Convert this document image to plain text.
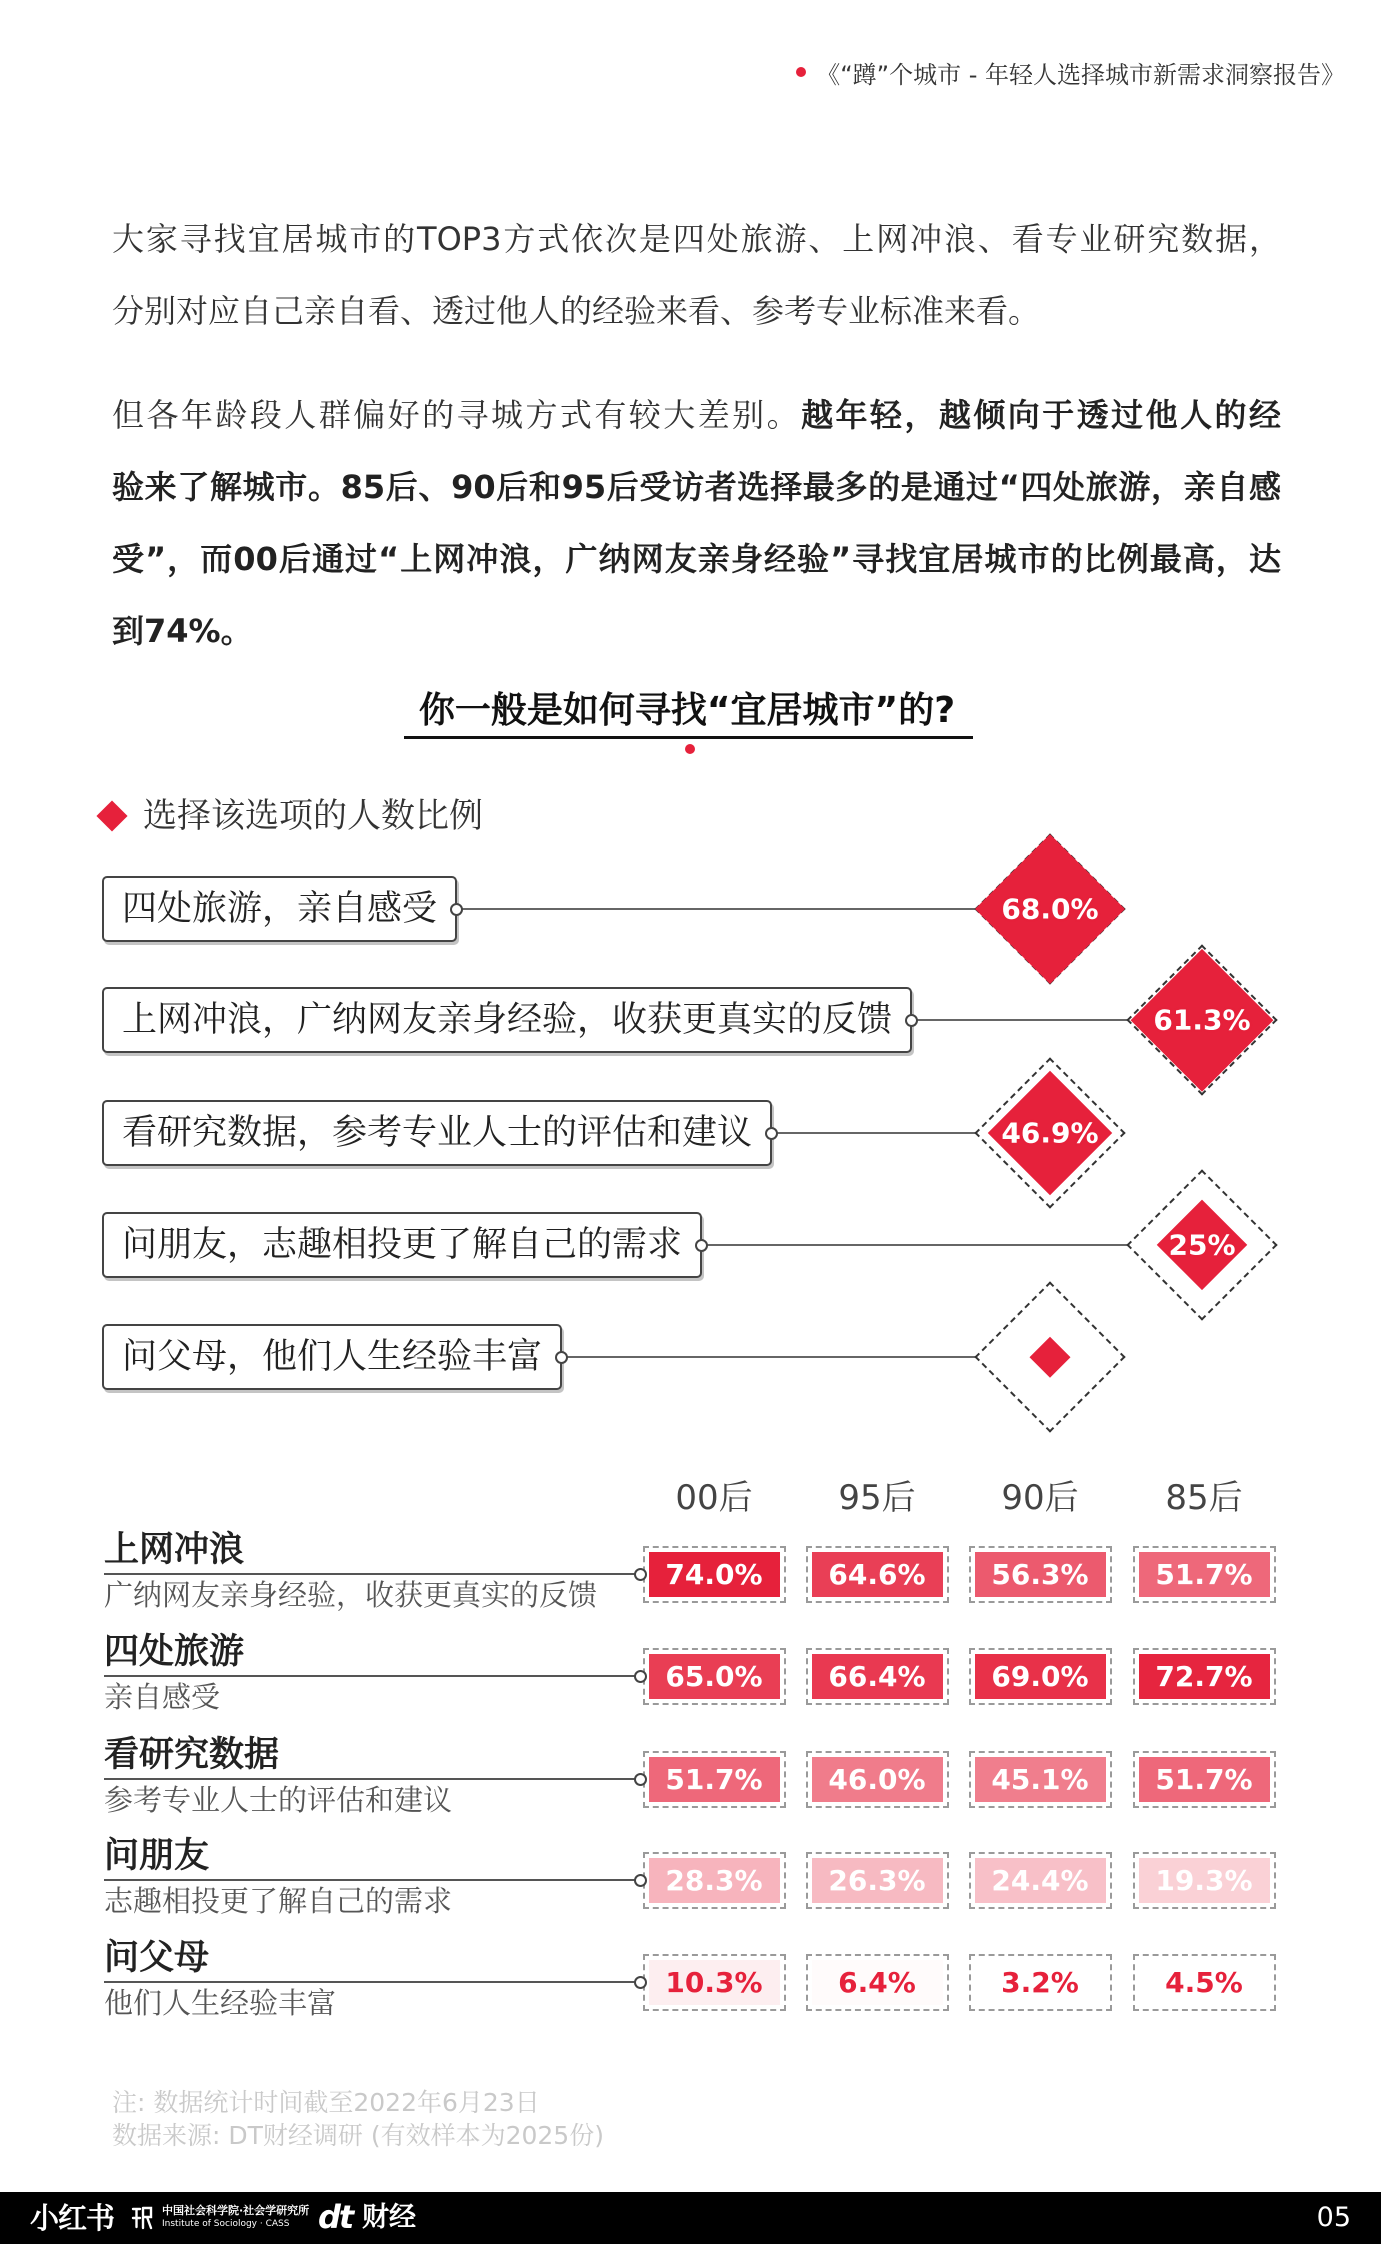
《“蹲”个城市 - 年轻人选择城市新需求洞察报告》
大家寻找宜居城市的TOP3方式依次是四处旅游、上网冲浪、看专业研究数据，
分别对应自己亲自看、透过他人的经验来看、参考专业标准来看。
但各年龄段人群偏好的寻城方式有较大差别。越年轻，越倾向于透过他人的经
验来了解城市。85后、90后和95后受访者选择最多的是通过“四处旅游，亲自感
受”，而00后通过“上网冲浪，广纳网友亲身经验”寻找宜居城市的比例最高，达
到74%。
你一般是如何寻找“宜居城市”的?
选择该选项的人数比例
四处旅游，亲自感受	68.0%
上网冲浪，广纳网友亲身经验，收获更真实的反馈	61.3%
看研究数据，参考专业人士的评估和建议	46.9%
问朋友，志趣相投更了解自己的需求	25%
问父母，他们人生经验丰富
00后	95后	90后	85后
上网冲浪
广纳网友亲身经验，收获更真实的反馈
74.0%	64.6%	56.3%	51.7%
四处旅游
亲自感受
65.0%	66.4%	69.0%	72.7%
看研究数据
参考专业人士的评估和建议
51.7%	46.0%	45.1%	51.7%
问朋友
志趣相投更了解自己的需求
28.3%	26.3%	24.4%	19.3%
问父母
他们人生经验丰富
10.3%	6.4%	3.2%	4.5%
注: 数据统计时间截至2022年6月23日
数据来源: DT财经调研 (有效样本为2025份)
小红书	中国社会科学院·社会学研究所
Institute of Sociology · CASS dt 财经	05
